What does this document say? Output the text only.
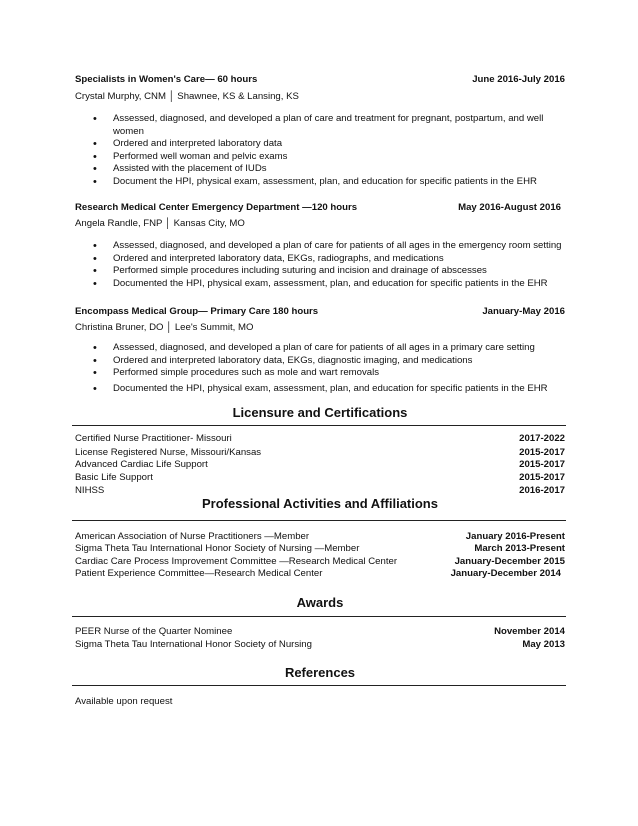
Specialists in Women's Care— 60 hours	June 2016-July 2016
Crystal Murphy, CNM │ Shawnee, KS & Lansing, KS
• Assessed, diagnosed, and developed a plan of care and treatment for pregnant, postpartum, and well women
• Ordered and interpreted laboratory data
• Performed well woman and pelvic exams
• Assisted with the placement of IUDs
• Document the HPI, physical exam, assessment, plan, and education for specific patients in the EHR
Research Medical Center Emergency Department —120 hours	May 2016-August 2016
Angela Randle, FNP │ Kansas City, MO
• Assessed, diagnosed, and developed a plan of care for patients of all ages in the emergency room setting
• Ordered and interpreted laboratory data, EKGs, radiographs, and medications
• Performed simple procedures including suturing and incision and drainage of abscesses
• Documented the HPI, physical exam, assessment, plan, and education for specific patients in the EHR
Encompass Medical Group— Primary Care 180 hours	January-May 2016
Christina Bruner, DO │ Lee's Summit, MO
• Assessed, diagnosed, and developed a plan of care for patients of all ages in a primary care setting
• Ordered and interpreted laboratory data, EKGs, diagnostic imaging, and medications
• Performed simple procedures such as mole and wart removals
• Documented the HPI, physical exam, assessment, plan, and education for specific patients in the EHR
Licensure and Certifications
Certified Nurse Practitioner- Missouri	2017-2022
License Registered Nurse, Missouri/Kansas	2015-2017
Advanced Cardiac Life Support	2015-2017
Basic Life Support	2015-2017
NIHSS	2016-2017
Professional Activities and Affiliations
American Association of Nurse Practitioners —Member	January 2016-Present
Sigma Theta Tau International Honor Society of Nursing —Member	March 2013-Present
Cardiac Care Process Improvement Committee —Research Medical Center	January-December 2015
Patient Experience Committee—Research Medical Center	January-December 2014
Awards
PEER Nurse of the Quarter Nominee	November 2014
Sigma Theta Tau International Honor Society of Nursing	May 2013
References
Available upon request
